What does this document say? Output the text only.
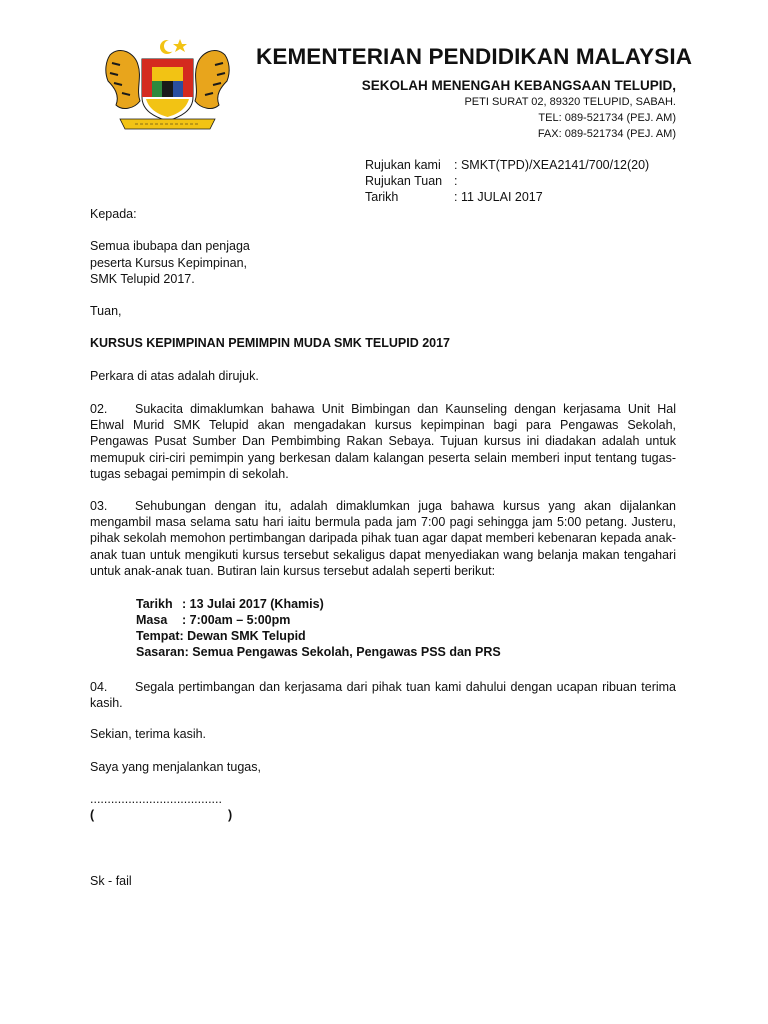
KEMENTERIAN PENDIDIKAN MALAYSIA
SEKOLAH MENENGAH KEBANGSAAN TELUPID,
PETI SURAT 02, 89320 TELUPID, SABAH.
TEL: 089-521734 (PEJ. AM)
FAX: 089-521734 (PEJ. AM)
Rujukan kami : SMKT(TPD)/XEA2141/700/12(20)
Rujukan Tuan :
Tarikh	: 11 JULAI 2017
Kepada:
Semua ibubapa dan penjaga
peserta Kursus Kepimpinan,
SMK Telupid 2017.
Tuan,
KURSUS KEPIMPINAN PEMIMPIN MUDA SMK TELUPID 2017
Perkara di atas adalah dirujuk.
02. Sukacita dimaklumkan bahawa Unit Bimbingan dan Kaunseling dengan kerjasama Unit Hal Ehwal Murid SMK Telupid akan mengadakan kursus kepimpinan bagi para Pengawas Sekolah, Pengawas Pusat Sumber Dan Pembimbing Rakan Sebaya. Tujuan kursus ini diadakan adalah untuk memupuk ciri-ciri pemimpin yang berkesan dalam kalangan peserta selain memberi input tentang tugas-tugas sebagai pemimpin di sekolah.
03. Sehubungan dengan itu, adalah dimaklumkan juga bahawa kursus yang akan dijalankan mengambil masa selama satu hari iaitu bermula pada jam 7:00 pagi sehingga jam 5:00 petang. Justeru, pihak sekolah memohon pertimbangan daripada pihak tuan agar dapat memberi kebenaran kepada anak-anak tuan untuk mengikuti kursus tersebut sekaligus dapat menyediakan wang belanja makan tengahari untuk anak-anak tuan. Butiran lain kursus tersebut adalah seperti berikut:
Tarikh : 13 Julai 2017 (Khamis)
Masa : 7:00am – 5:00pm
Tempat: Dewan SMK Telupid
Sasaran: Semua Pengawas Sekolah, Pengawas PSS dan PRS
04. Segala pertimbangan dan kerjasama dari pihak tuan kami dahului dengan ucapan ribuan terima kasih.
Sekian, terima kasih.
Saya yang menjalankan tugas,
......................................
(	)
Sk - fail
